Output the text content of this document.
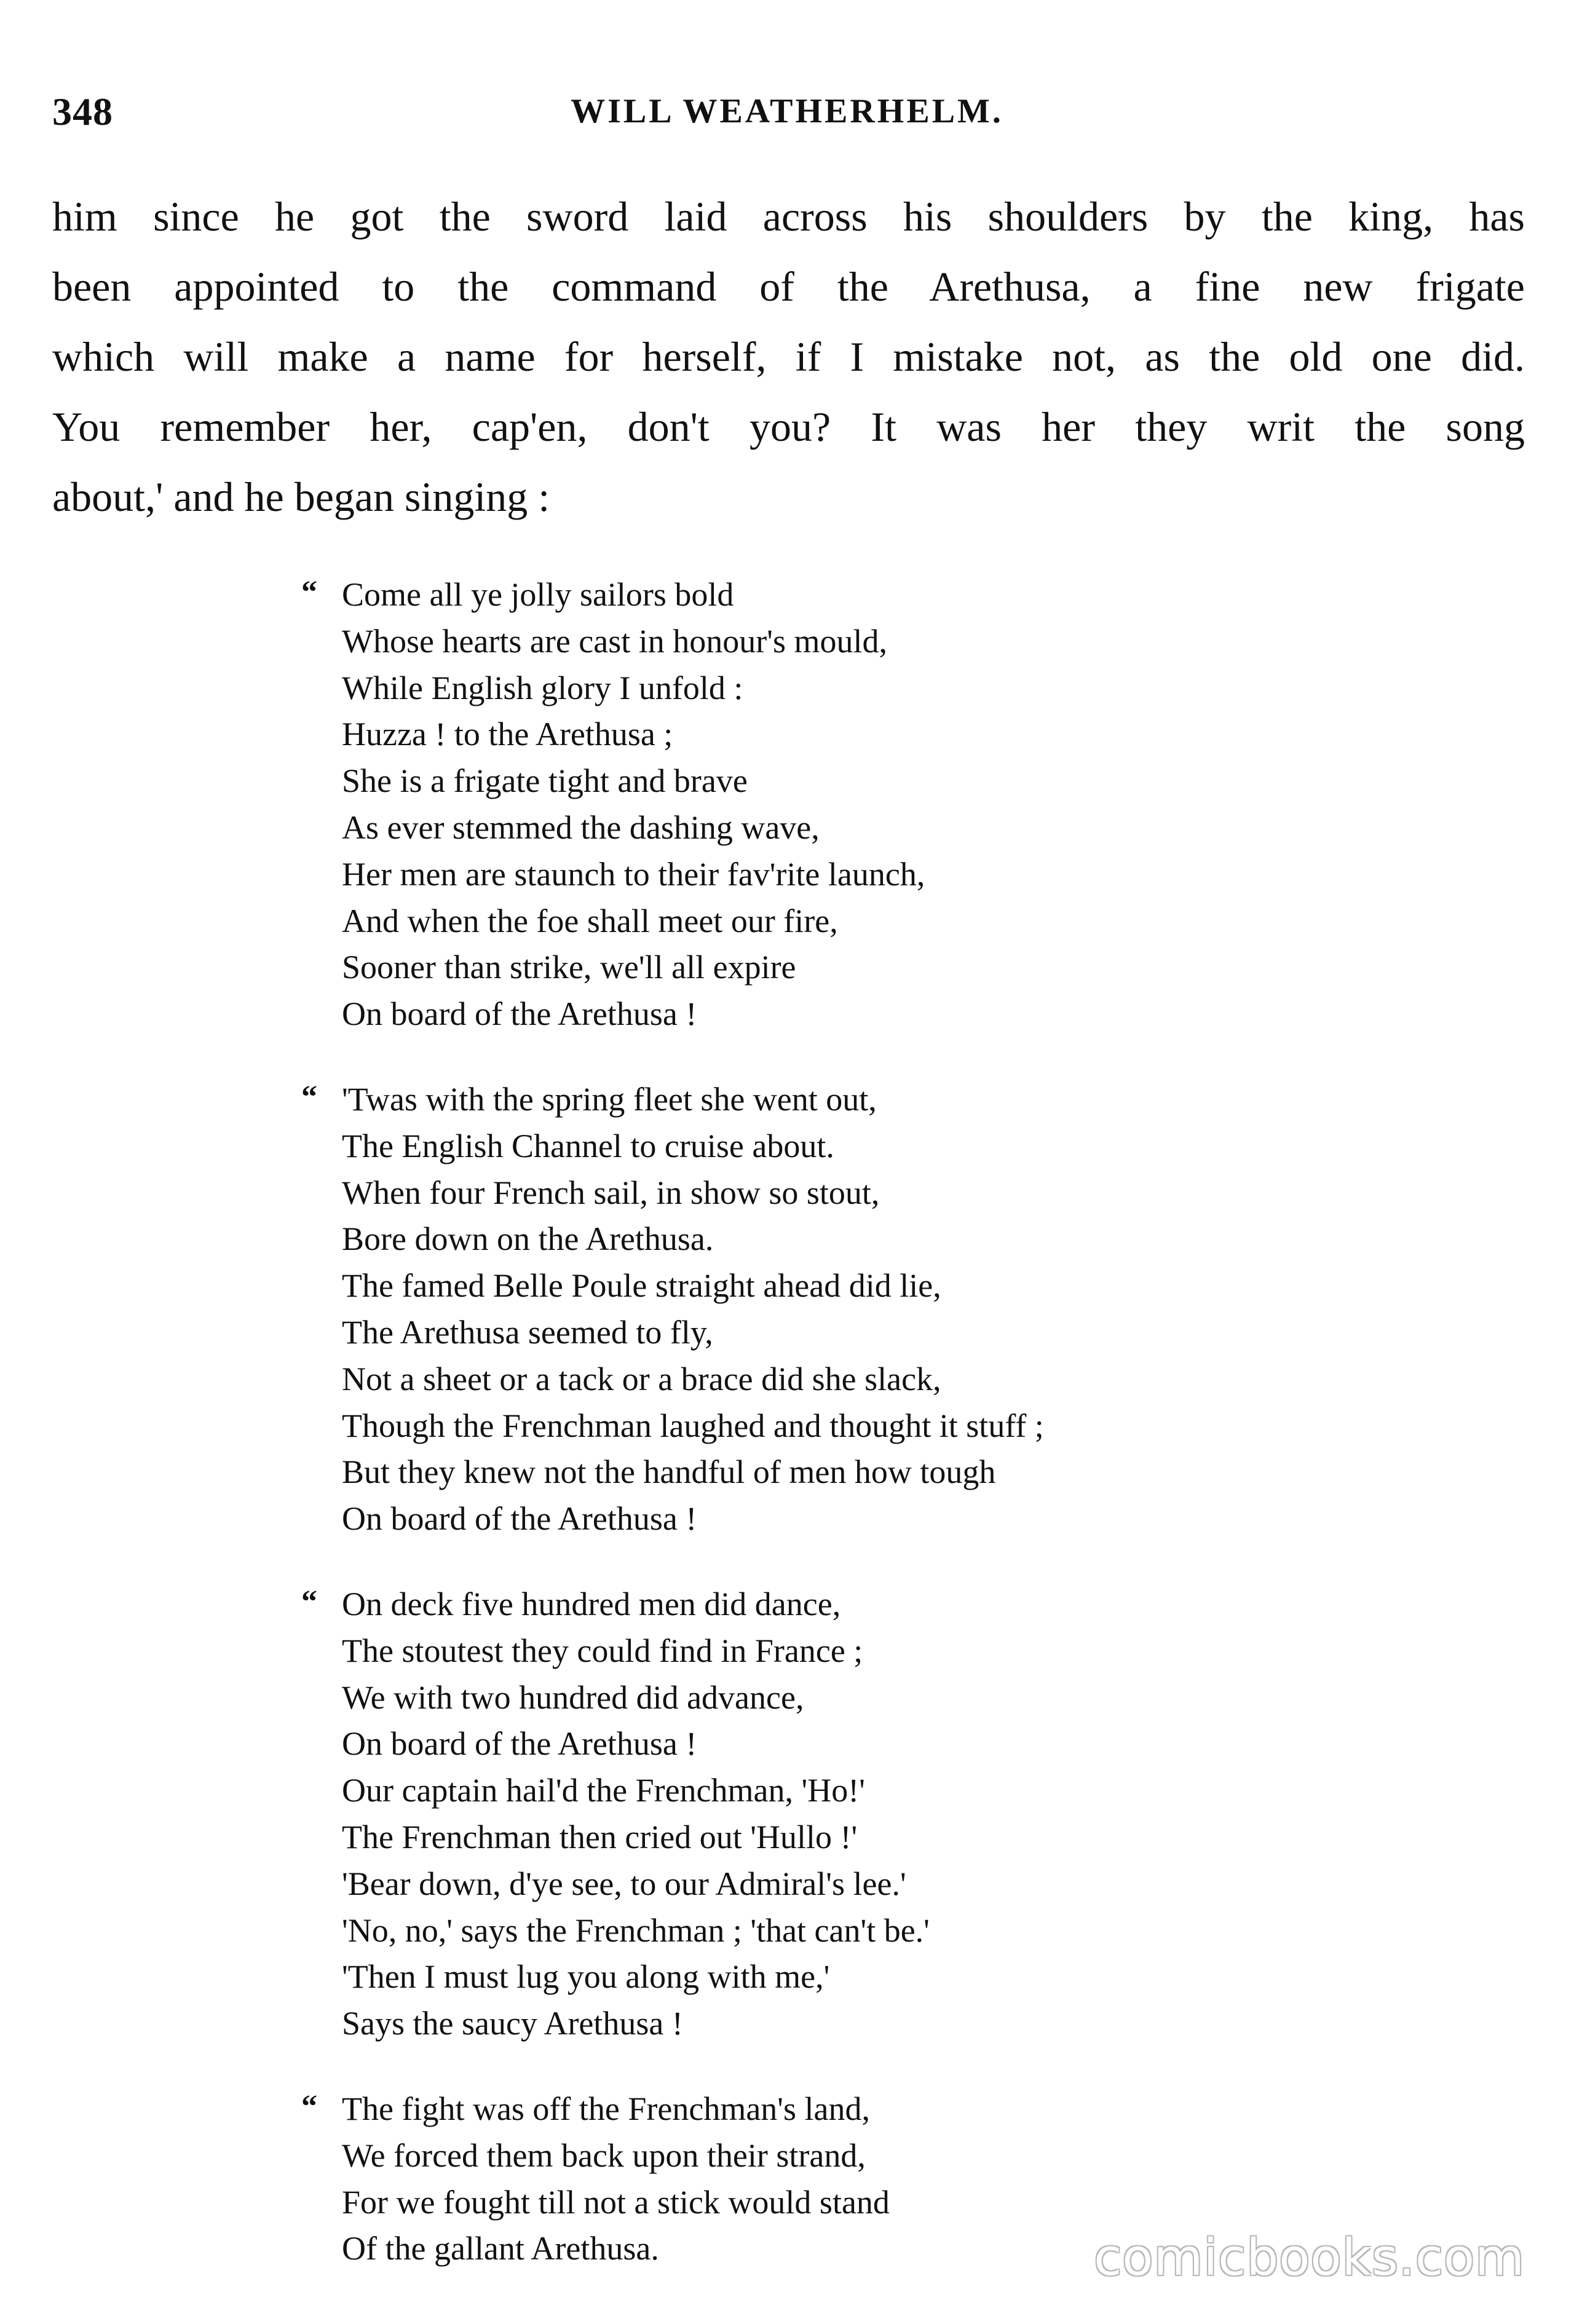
348	WILL WEATHERHELM.
him since he got the sword laid across his shoulders by the king, has
been appointed to the command of the Arethusa, a fine new frigate
which will make a name for herself, if I mistake not, as the old one did.
You remember her, cap'en, don't you? It was her they writ the song
about,' and he began singing :
“ Come all ye jolly sailors bold
Whose hearts are cast in honour's mould,
While English glory I unfold :
Huzza ! to the Arethusa ;
She is a frigate tight and brave
As ever stemmed the dashing wave,
Her men are staunch to their fav'rite launch,
And when the foe shall meet our fire,
Sooner than strike, we'll all expire
On board of the Arethusa !
“ 'Twas with the spring fleet she went out,
The English Channel to cruise about.
When four French sail, in show so stout,
Bore down on the Arethusa.
The famed Belle Poule straight ahead did lie,
The Arethusa seemed to fly,
Not a sheet or a tack or a brace did she slack,
Though the Frenchman laughed and thought it stuff ;
But they knew not the handful of men how tough
On board of the Arethusa !
“ On deck five hundred men did dance,
The stoutest they could find in France ;
We with two hundred did advance,
On board of the Arethusa !
Our captain hail'd the Frenchman, 'Ho!'
The Frenchman then cried out 'Hullo !'
'Bear down, d'ye see, to our Admiral's lee.'
'No, no,' says the Frenchman ; 'that can't be.'
'Then I must lug you along with me,'
Says the saucy Arethusa !
“ The fight was off the Frenchman's land,
We forced them back upon their strand,
For we fought till not a stick would stand
Of the gallant Arethusa.	comicbooks.com
